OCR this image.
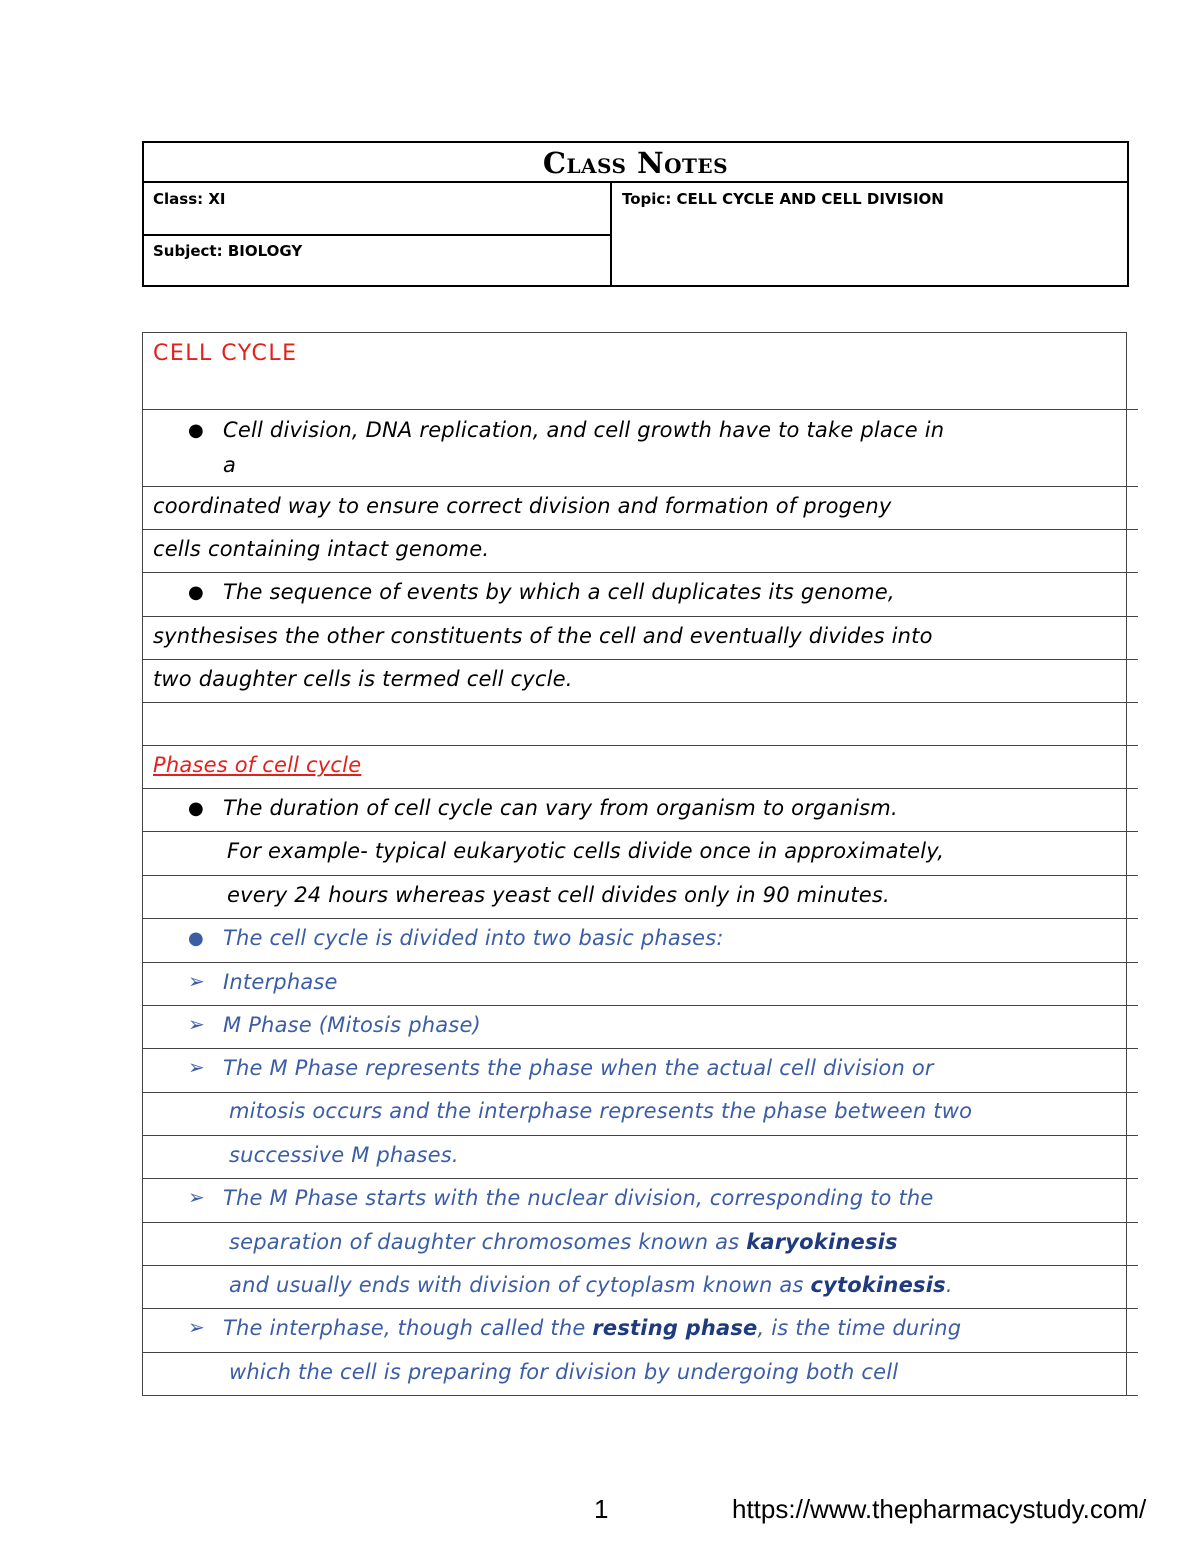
Class Notes
Class: XI
Subject: BIOLOGY
Topic: CELL CYCLE AND CELL DIVISION
CELL CYCLE
● Cell division, DNA replication, and cell growth have to take place in
a
coordinated way to ensure correct division and formation of progeny
cells containing intact genome.
● The sequence of events by which a cell duplicates its genome,
synthesises the other constituents of the cell and eventually divides into
two daughter cells is termed cell cycle.
Phases of cell cycle
● The duration of cell cycle can vary from organism to organism.
For example- typical eukaryotic cells divide once in approximately,
every 24 hours whereas yeast cell divides only in 90 minutes.
● The cell cycle is divided into two basic phases:
➢ Interphase
➢ M Phase (Mitosis phase)
➢ The M Phase represents the phase when the actual cell division or
mitosis occurs and the interphase represents the phase between two
successive M phases.
➢ The M Phase starts with the nuclear division, corresponding to the
separation of daughter chromosomes known as karyokinesis
and usually ends with division of cytoplasm known as cytokinesis.
➢ The interphase, though called the resting phase, is the time during
which the cell is preparing for division by undergoing both cell
1	https://www.thepharmacystudy.com/
